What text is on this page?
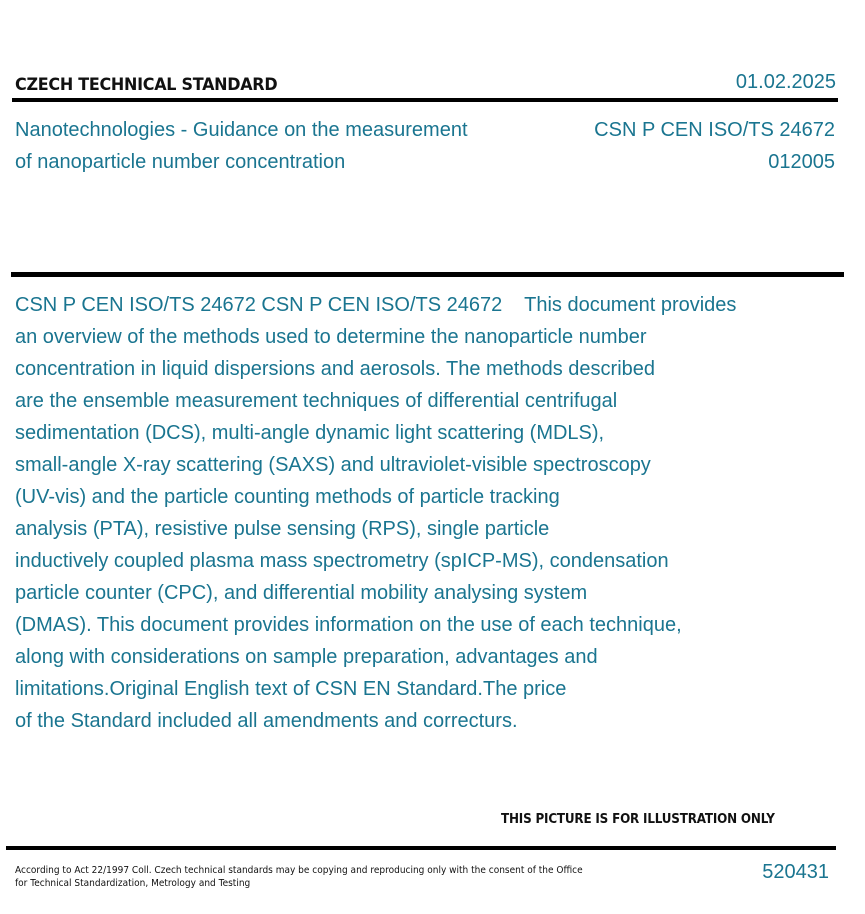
CZECH TECHNICAL STANDARD	01.02.2025
Nanotechnologies - Guidance on the measurement
of nanoparticle number concentration
CSN P CEN ISO/TS 24672
012005
CSN P CEN ISO/TS 24672 CSN P CEN ISO/TS 24672    This document provides
an overview of the methods used to determine the nanoparticle number
concentration in liquid dispersions and aerosols. The methods described
are the ensemble measurement techniques of differential centrifugal
sedimentation (DCS), multi-angle dynamic light scattering (MDLS),
small-angle X-ray scattering (SAXS) and ultraviolet-visible spectroscopy
(UV-vis) and the particle counting methods of particle tracking
analysis (PTA), resistive pulse sensing (RPS), single particle
inductively coupled plasma mass spectrometry (spICP-MS), condensation
particle counter (CPC), and differential mobility analysing system
(DMAS). This document provides information on the use of each technique,
along with considerations on sample preparation, advantages and
limitations.Original English text of CSN EN Standard.The price
of the Standard included all amendments and correcturs.
THIS PICTURE IS FOR ILLUSTRATION ONLY
According to Act 22/1997 Coll. Czech technical standards may be copying and reproducing only with the consent of the Office
for Technical Standardization, Metrology and Testing
520431
